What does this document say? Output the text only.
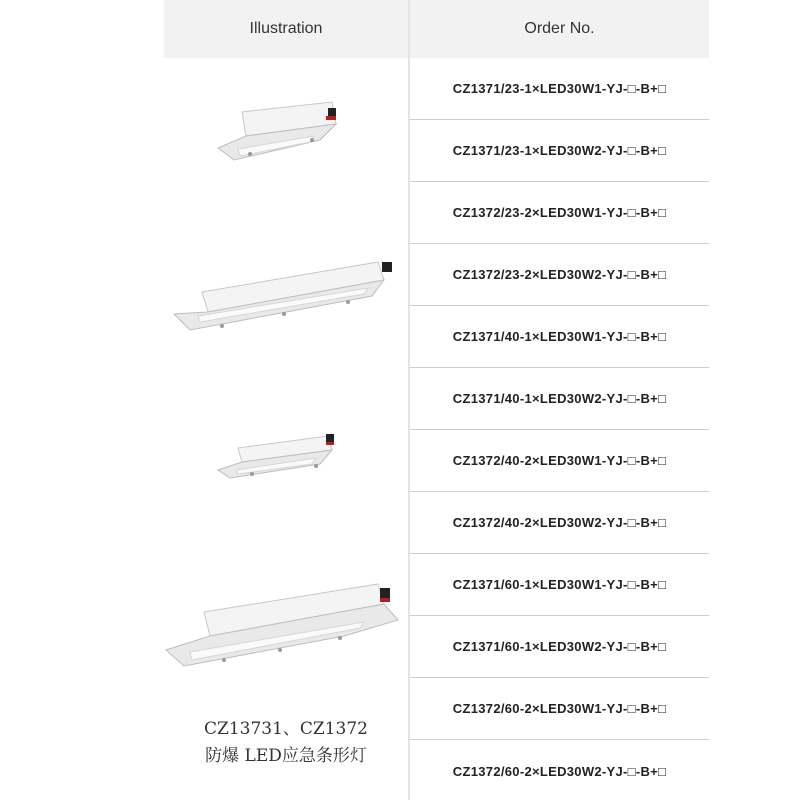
Illustration	Order No.
CZ13731、CZ1372
防爆 LED应急条形灯
CZ1371/23-1×LED30W1-YJ-□-B+□
CZ1371/23-1×LED30W2-YJ-□-B+□
CZ1372/23-2×LED30W1-YJ-□-B+□
CZ1372/23-2×LED30W2-YJ-□-B+□
CZ1371/40-1×LED30W1-YJ-□-B+□
CZ1371/40-1×LED30W2-YJ-□-B+□
CZ1372/40-2×LED30W1-YJ-□-B+□
CZ1372/40-2×LED30W2-YJ-□-B+□
CZ1371/60-1×LED30W1-YJ-□-B+□
CZ1371/60-1×LED30W2-YJ-□-B+□
CZ1372/60-2×LED30W1-YJ-□-B+□
CZ1372/60-2×LED30W2-YJ-□-B+□
